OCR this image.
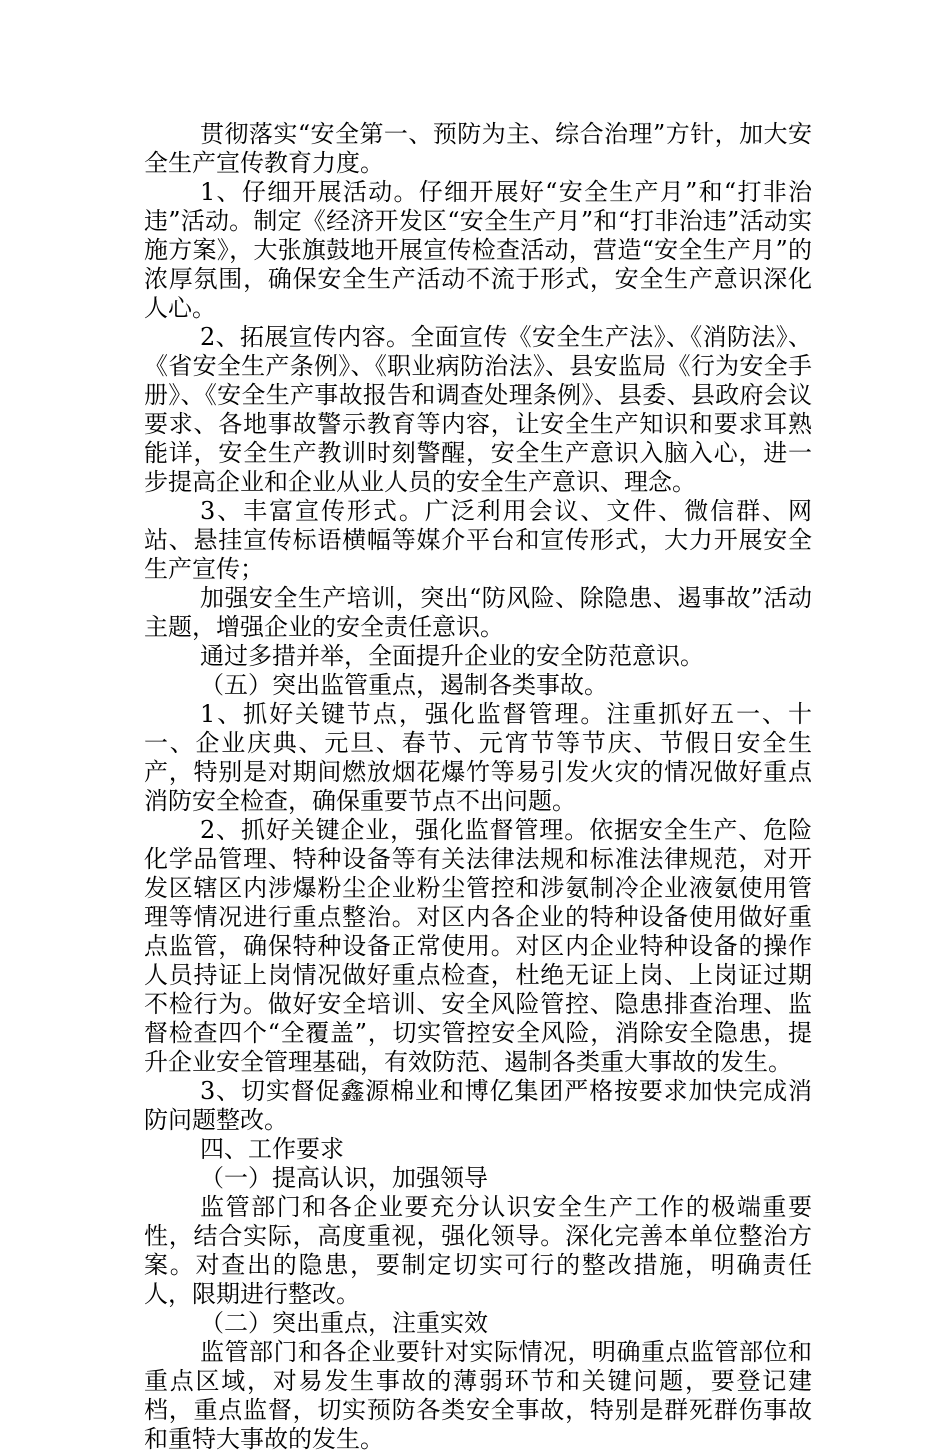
贯彻落实“安全第一、预防为主、综合治理”方针，加大安全生产宣传教育力度。

1、仔细开展活动。仔细开展好“安全生产月”和“打非治违”活动。制定《经济开发区“安全生产月”和“打非治违”活动实施方案》，大张旗鼓地开展宣传检查活动，营造“安全生产月”的浓厚氛围，确保安全生产活动不流于形式，安全生产意识深化人心。

2、拓展宣传内容。全面宣传《安全生产法》、《消防法》、《省安全生产条例》、《职业病防治法》、县安监局《行为安全手册》、《安全生产事故报告和调查处理条例》、县委、县政府会议要求、各地事故警示教育等内容，让安全生产知识和要求耳熟能详，安全生产教训时刻警醒，安全生产意识入脑入心，进一步提高企业和企业从业人员的安全生产意识、理念。

3、丰富宣传形式。广泛利用会议、文件、微信群、网站、悬挂宣传标语横幅等媒介平台和宣传形式，大力开展安全生产宣传；

加强安全生产培训，突出“防风险、除隐患、遏事故”活动主题，增强企业的安全责任意识。

通过多措并举，全面提升企业的安全防范意识。

（五）突出监管重点，遏制各类事故。

1、抓好关键节点，强化监督管理。注重抓好五一、十一、企业庆典、元旦、春节、元宵节等节庆、节假日安全生产，特别是对期间燃放烟花爆竹等易引发火灾的情况做好重点消防安全检查，确保重要节点不出问题。

2、抓好关键企业，强化监督管理。依据安全生产、危险化学品管理、特种设备等有关法律法规和标准法律规范，对开发区辖区内涉爆粉尘企业粉尘管控和涉氨制冷企业液氨使用管理等情况进行重点整治。对区内各企业的特种设备使用做好重点监管，确保特种设备正常使用。对区内企业特种设备的操作人员持证上岗情况做好重点检查，杜绝无证上岗、上岗证过期不检行为。做好安全培训、安全风险管控、隐患排查治理、监督检查四个“全覆盖”，切实管控安全风险，消除安全隐患，提升企业安全管理基础，有效防范、遏制各类重大事故的发生。

3、切实督促鑫源棉业和博亿集团严格按要求加快完成消防问题整改。

四、工作要求

（一）提高认识，加强领导

监管部门和各企业要充分认识安全生产工作的极端重要性，结合实际，高度重视，强化领导。深化完善本单位整治方案。对查出的隐患，要制定切实可行的整改措施，明确责任人，限期进行整改。

（二）突出重点，注重实效

监管部门和各企业要针对实际情况，明确重点监管部位和重点区域，对易发生事故的薄弱环节和关键问题，要登记建档，重点监督，切实预防各类安全事故，特别是群死群伤事故和重特大事故的发生。
